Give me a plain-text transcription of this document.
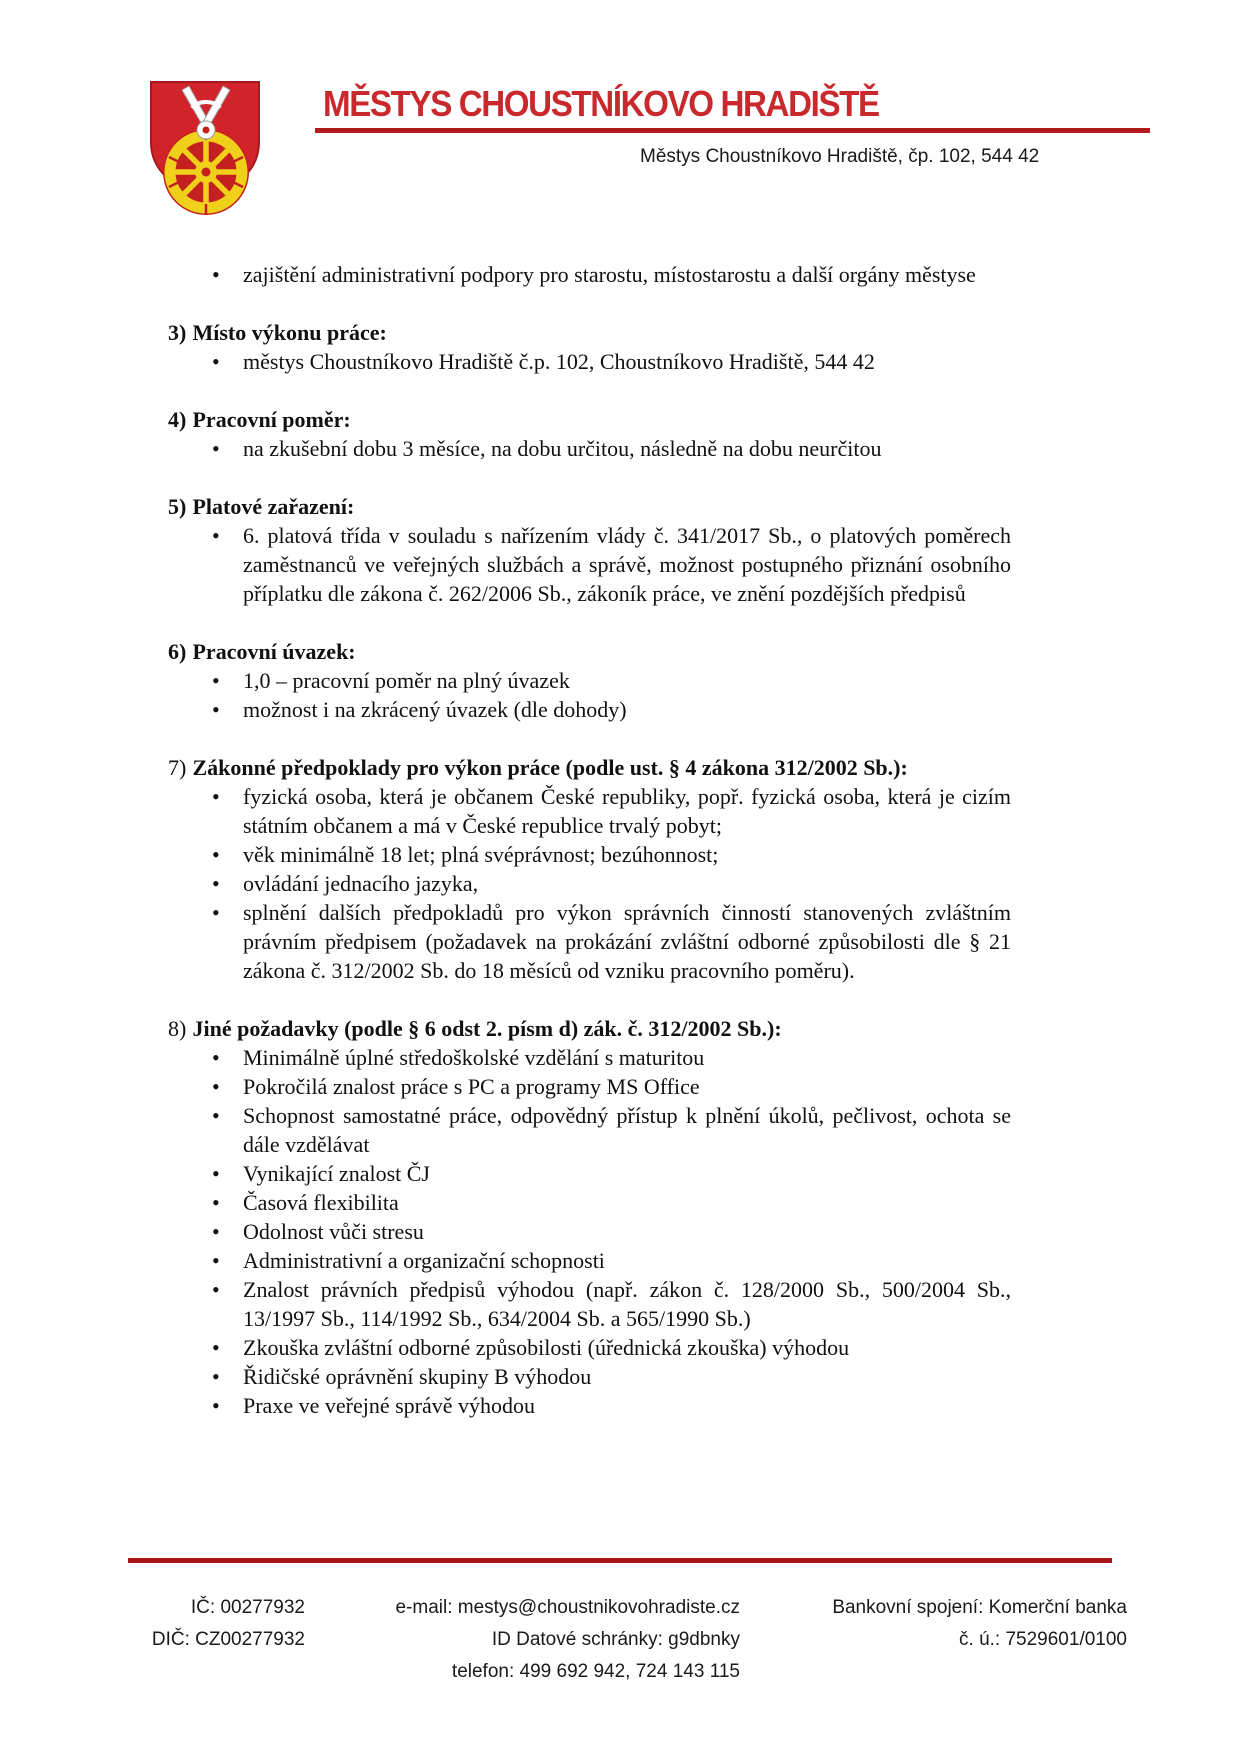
MĚSTYS CHOUSTNÍKOVO HRADIŠTĚ
Městys Choustníkovo Hradiště, čp. 102, 544 42
• zajištění administrativní podpory pro starostu, místostarostu a další orgány městyse
3) Místo výkonu práce:
• městys Choustníkovo Hradiště č.p. 102, Choustníkovo Hradiště, 544 42
4) Pracovní poměr:
• na zkušební dobu 3 měsíce, na dobu určitou, následně na dobu neurčitou
5) Platové zařazení:
• 6. platová třída v souladu s nařízením vlády č. 341/2017 Sb., o platových poměrech zaměstnanců ve veřejných službách a správě, možnost postupného přiznání osobního příplatku dle zákona č. 262/2006 Sb., zákoník práce, ve znění pozdějších předpisů
6) Pracovní úvazek:
• 1,0 – pracovní poměr na plný úvazek
• možnost i na zkrácený úvazek (dle dohody)
7) Zákonné předpoklady pro výkon práce (podle ust. § 4 zákona 312/2002 Sb.):
• fyzická osoba, která je občanem České republiky, popř. fyzická osoba, která je cizím státním občanem a má v České republice trvalý pobyt;
• věk minimálně 18 let; plná svéprávnost; bezúhonnost;
• ovládání jednacího jazyka,
• splnění dalších předpokladů pro výkon správních činností stanovených zvláštním právním předpisem (požadavek na prokázání zvláštní odborné způsobilosti dle § 21 zákona č. 312/2002 Sb. do 18 měsíců od vzniku pracovního poměru).
8) Jiné požadavky (podle § 6 odst 2. písm d) zák. č. 312/2002 Sb.):
• Minimálně úplné středoškolské vzdělání s maturitou
• Pokročilá znalost práce s PC a programy MS Office
• Schopnost samostatné práce, odpovědný přístup k plnění úkolů, pečlivost, ochota se dále vzdělávat
• Vynikající znalost ČJ
• Časová flexibilita
• Odolnost vůči stresu
• Administrativní a organizační schopnosti
• Znalost právních předpisů výhodou (např. zákon č. 128/2000 Sb., 500/2004 Sb., 13/1997 Sb., 114/1992 Sb., 634/2004 Sb. a 565/1990 Sb.)
• Zkouška zvláštní odborné způsobilosti (úřednická zkouška) výhodou
• Řidičské oprávnění skupiny B výhodou
• Praxe ve veřejné správě výhodou
IČ: 00277932
DIČ: CZ00277932
e-mail: mestys@choustnikovohradiste.cz
ID Datové schránky: g9dbnky
telefon: 499 692 942, 724 143 115
Bankovní spojení: Komerční banka
č. ú.: 7529601/0100
